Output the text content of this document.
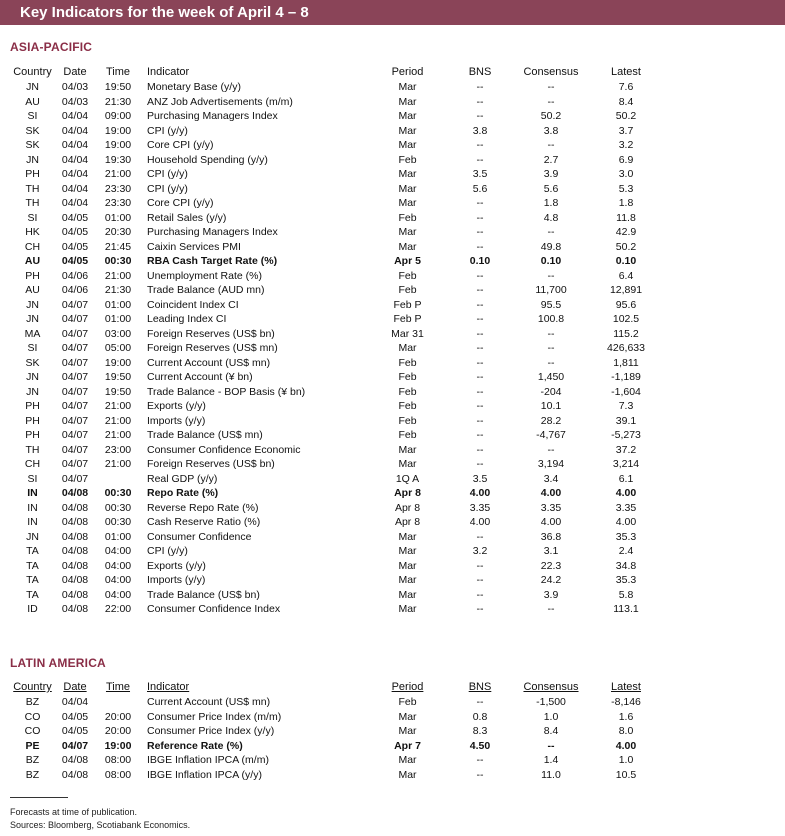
Key Indicators for the week of April 4 – 8
ASIA-PACIFIC
Country	Date	Time	Indicator	Period	BNS	Consensus	Latest
JN	04/03	19:50	Monetary Base (y/y)	Mar	--	--	7.6
AU	04/03	21:30	ANZ Job Advertisements (m/m)	Mar	--	--	8.4
SI	04/04	09:00	Purchasing Managers Index	Mar	--	50.2	50.2
SK	04/04	19:00	CPI (y/y)	Mar	3.8	3.8	3.7
SK	04/04	19:00	Core CPI (y/y)	Mar	--	--	3.2
JN	04/04	19:30	Household Spending (y/y)	Feb	--	2.7	6.9
PH	04/04	21:00	CPI (y/y)	Mar	3.5	3.9	3.0
TH	04/04	23:30	CPI (y/y)	Mar	5.6	5.6	5.3
TH	04/04	23:30	Core CPI (y/y)	Mar	--	1.8	1.8
SI	04/05	01:00	Retail Sales (y/y)	Feb	--	4.8	11.8
HK	04/05	20:30	Purchasing Managers Index	Mar	--	--	42.9
CH	04/05	21:45	Caixin Services PMI	Mar	--	49.8	50.2
AU	04/05	00:30	RBA Cash Target Rate (%)	Apr 5	0.10	0.10	0.10
PH	04/06	21:00	Unemployment Rate (%)	Feb	--	--	6.4
AU	04/06	21:30	Trade Balance (AUD mn)	Feb	--	11,700	12,891
JN	04/07	01:00	Coincident Index CI	Feb P	--	95.5	95.6
JN	04/07	01:00	Leading Index CI	Feb P	--	100.8	102.5
MA	04/07	03:00	Foreign Reserves (US$ bn)	Mar 31	--	--	115.2
SI	04/07	05:00	Foreign Reserves (US$ mn)	Mar	--	--	426,633
SK	04/07	19:00	Current Account (US$ mn)	Feb	--	--	1,811
JN	04/07	19:50	Current Account (¥ bn)	Feb	--	1,450	-1,189
JN	04/07	19:50	Trade Balance - BOP Basis (¥ bn)	Feb	--	-204	-1,604
PH	04/07	21:00	Exports (y/y)	Feb	--	10.1	7.3
PH	04/07	21:00	Imports (y/y)	Feb	--	28.2	39.1
PH	04/07	21:00	Trade Balance (US$ mn)	Feb	--	-4,767	-5,273
TH	04/07	23:00	Consumer Confidence Economic	Mar	--	--	37.2
CH	04/07	21:00	Foreign Reserves (US$ bn)	Mar	--	3,194	3,214
SI	04/07		Real GDP (y/y)	1Q A	3.5	3.4	6.1
IN	04/08	00:30	Repo Rate (%)	Apr 8	4.00	4.00	4.00
IN	04/08	00:30	Reverse Repo Rate (%)	Apr 8	3.35	3.35	3.35
IN	04/08	00:30	Cash Reserve Ratio (%)	Apr 8	4.00	4.00	4.00
JN	04/08	01:00	Consumer Confidence	Mar	--	36.8	35.3
TA	04/08	04:00	CPI (y/y)	Mar	3.2	3.1	2.4
TA	04/08	04:00	Exports (y/y)	Mar	--	22.3	34.8
TA	04/08	04:00	Imports (y/y)	Mar	--	24.2	35.3
TA	04/08	04:00	Trade Balance (US$ bn)	Mar	--	3.9	5.8
ID	04/08	22:00	Consumer Confidence Index	Mar	--	--	113.1
LATIN AMERICA
Country	Date	Time	Indicator	Period	BNS	Consensus	Latest
BZ	04/04		Current Account (US$ mn)	Feb	--	-1,500	-8,146
CO	04/05	20:00	Consumer Price Index (m/m)	Mar	0.8	1.0	1.6
CO	04/05	20:00	Consumer Price Index (y/y)	Mar	8.3	8.4	8.0
PE	04/07	19:00	Reference Rate (%)	Apr 7	4.50	--	4.00
BZ	04/08	08:00	IBGE Inflation IPCA (m/m)	Mar	--	1.4	1.0
BZ	04/08	08:00	IBGE Inflation IPCA (y/y)	Mar	--	11.0	10.5
Forecasts at time of publication.
Sources: Bloomberg, Scotiabank Economics.
